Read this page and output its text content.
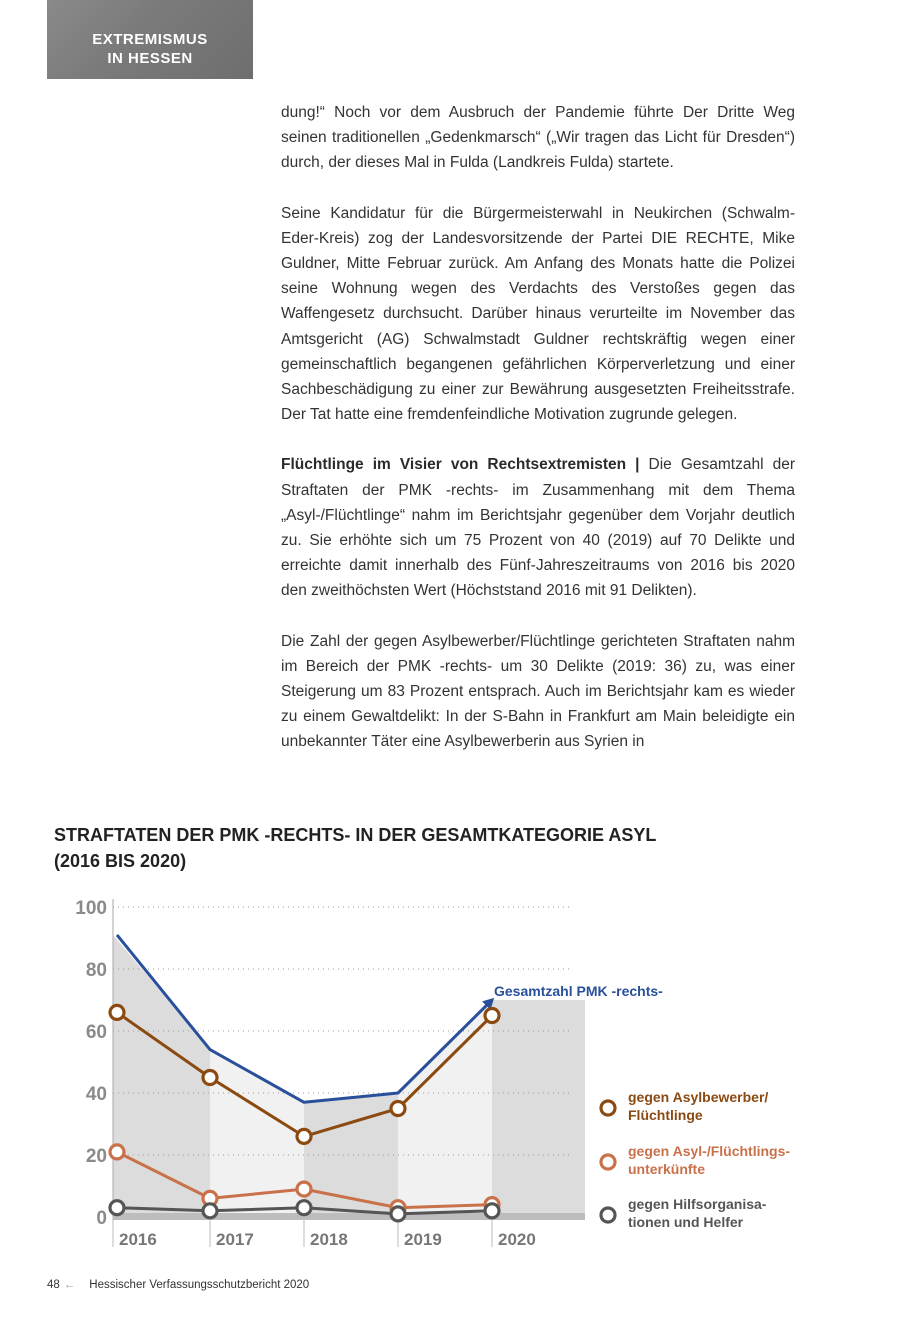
EXTREMISMUS
IN HESSEN

dung!“ Noch vor dem Ausbruch der Pandemie führte Der Dritte Weg seinen traditionellen „Gedenkmarsch“ („Wir tragen das Licht für Dresden“) durch, der dieses Mal in Fulda (Landkreis Fulda) startete.

Seine Kandidatur für die Bürgermeisterwahl in Neukirchen (Schwalm-Eder-Kreis) zog der Landesvorsitzende der Partei DIE RECHTE, Mike Guldner, Mitte Februar zurück. Am Anfang des Monats hatte die Polizei seine Wohnung wegen des Verdachts des Verstoßes gegen das Waffengesetz durchsucht. Darüber hinaus verurteilte im November das Amtsgericht (AG) Schwalmstadt Guldner rechtskräftig wegen einer gemeinschaftlich begangenen gefährlichen Körperverletzung und einer Sachbeschädigung zu einer zur Bewährung ausgesetzten Freiheitsstrafe. Der Tat hatte eine fremdenfeindliche Motivation zugrunde gelegen.

Flüchtlinge im Visier von Rechtsextremisten | Die Gesamtzahl der Straftaten der PMK -rechts- im Zusammenhang mit dem Thema „Asyl-/Flüchtlinge“ nahm im Berichtsjahr gegenüber dem Vorjahr deutlich zu. Sie erhöhte sich um 75 Prozent von 40 (2019) auf 70 Delikte und erreichte damit innerhalb des Fünf-Jahreszeitraums von 2016 bis 2020 den zweithöchsten Wert (Höchststand 2016 mit 91 Delikten).

Die Zahl der gegen Asylbewerber/Flüchtlinge gerichteten Straftaten nahm im Bereich der PMK -rechts- um 30 Delikte (2019: 36) zu, was einer Steigerung um 83 Prozent entsprach. Auch im Berichtsjahr kam es wieder zu einem Gewaltdelikt: In der S-Bahn in Frankfurt am Main beleidigte ein unbekannter Täter eine Asylbewerberin aus Syrien in

STRAFTATEN DER PMK -RECHTS- IN DER GESAMTKATEGORIE ASYL
(2016 BIS 2020)
100
80
60
40
20
0
2016	2017	2018	2019	2020
Gesamtzahl PMK -rechts-
gegen Asylbewerber/
Flüchtlinge
gegen Asyl-/Flüchtlings-
unterkünfte
gegen Hilfsorganisa-
tionen und Helfer
48 ← Hessischer Verfassungsschutzbericht 2020
